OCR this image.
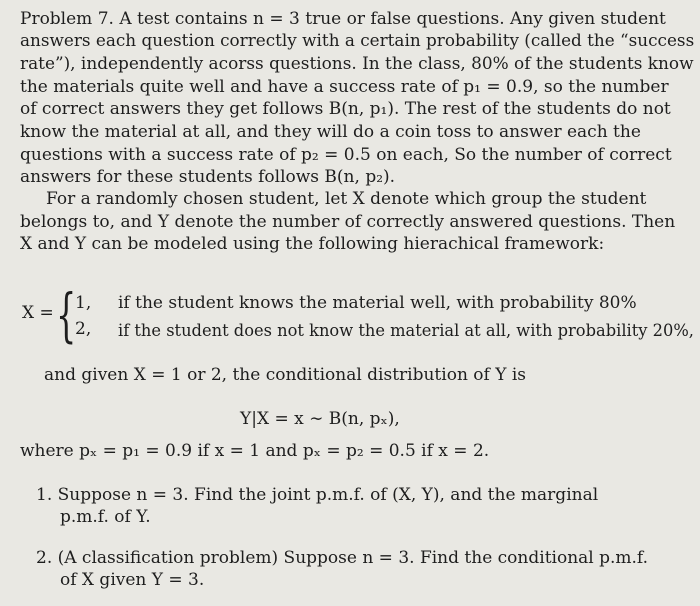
Problem 7. A test contains n = 3 true or false questions. Any given student
answers each question correctly with a certain probability (called the “success
rate”), independently acorss questions. In the class, 80% of the students know
the materials quite well and have a success rate of p₁ = 0.9, so the number
of correct answers they get follows B(n, p₁). The rest of the students do not
know the material at all, and they will do a coin toss to answer each the
questions with a success rate of p₂ = 0.5 on each, So the number of correct
answers for these students follows B(n, p₂).
For a randomly chosen student, let X denote which group the student
belongs to, and Y denote the number of correctly answered questions. Then
X and Y can be modeled using the following hierachical framework:
X = {
1, if the student knows the material well, with probability 80%
2, if the student does not know the material at all, with probability 20%,
and given X = 1 or 2, the conditional distribution of Y is
Y|X = x ∼ B(n, pₓ),
where pₓ = p₁ = 0.9 if x = 1 and pₓ = p₂ = 0.5 if x = 2.
1. Suppose n = 3. Find the joint p.m.f. of (X, Y), and the marginal
p.m.f. of Y.
2. (A classification problem) Suppose n = 3. Find the conditional p.m.f.
of X given Y = 3.
